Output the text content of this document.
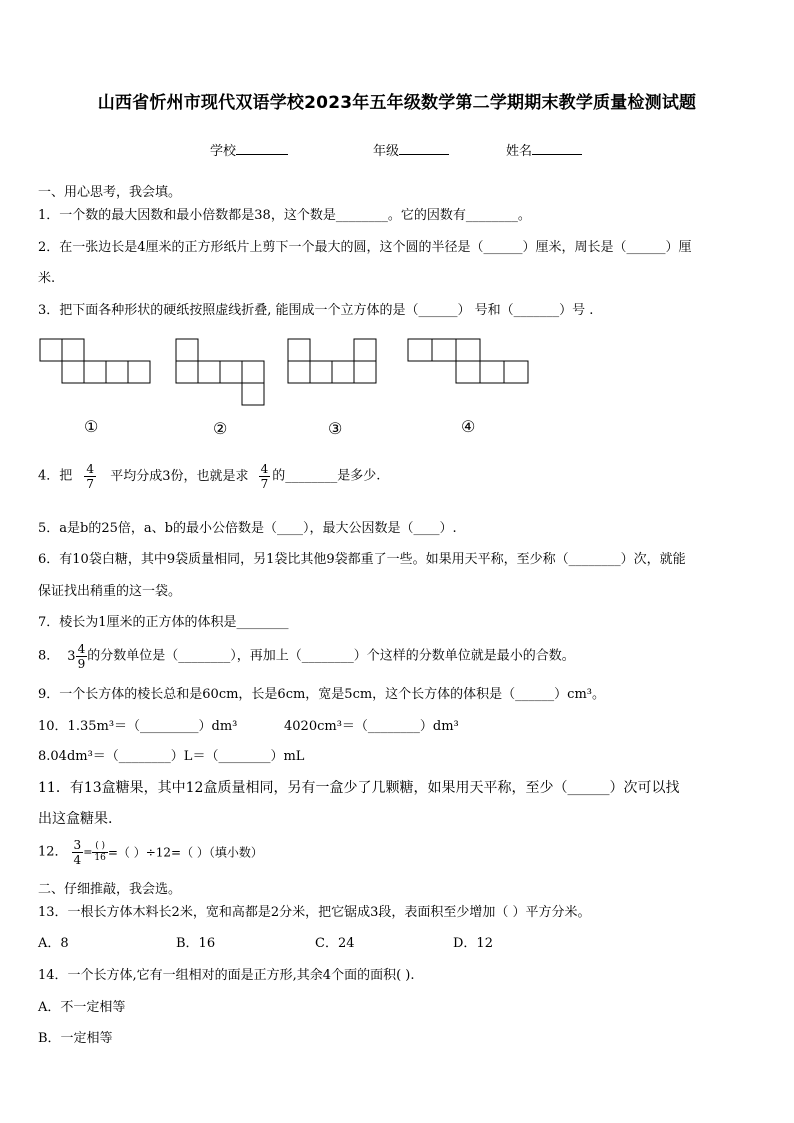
山西省忻州市现代双语学校2023年五年级数学第二学期期末教学质量检测试题
学校	年级	姓名
一、用心思考，我会填。
1．一个数的最大因数和最小倍数都是38，这个数是________。它的因数有________。
2．在一张边长是4厘米的正方形纸片上剪下一个最大的圆，这个圆的半径是（______）厘米，周长是（______）厘
米.
3．把下面各种形状的硬纸按照虚线折叠, 能围成一个立方体的是（______） 号和（_______）号 .
①	②	③	④
4．把 $\frac{4}{7}$ 平均分成3份，也就是求 $\frac{4}{7}$ 的________是多少.
5．a是b的25倍，a、b的最小公倍数是（____），最大公因数是（____）.
6．有10袋白糖，其中9袋质量相同，另1袋比其他9袋都重了一些。如果用天平称，至少称（________）次，就能
保证找出稍重的这一袋。
7．棱长为1厘米的正方体的体积是________
8． $3 \frac{4}{9}$ 的分数单位是（________），再加上（________）个这样的分数单位就是最小的合数。
9．一个长方体的棱长总和是60cm，长是6cm，宽是5cm，这个长方体的体积是（______）cm³。
10．1.35m³＝（_________）dm³	4020cm³＝（________）dm³
8.04dm³＝（________）L＝（________）mL
11．有13盒糖果，其中12盒质量相同，另有一盒少了几颗糖，如果用天平称，至少（______）次可以找
出这盒糖果.
12． $\frac{3}{4} = \frac{( )}{16}$ =（ ）÷12=（ ）（填小数）
二、仔细推敲，我会选。
13．一根长方体木料长2米，宽和高都是2分米，把它锯成3段，表面积至少增加（ ）平方分米。
A．8	B．16	C．24	D．12
14．一个长方体,它有一组相对的面是正方形,其余4个面的面积( ).
A．不一定相等
B．一定相等
